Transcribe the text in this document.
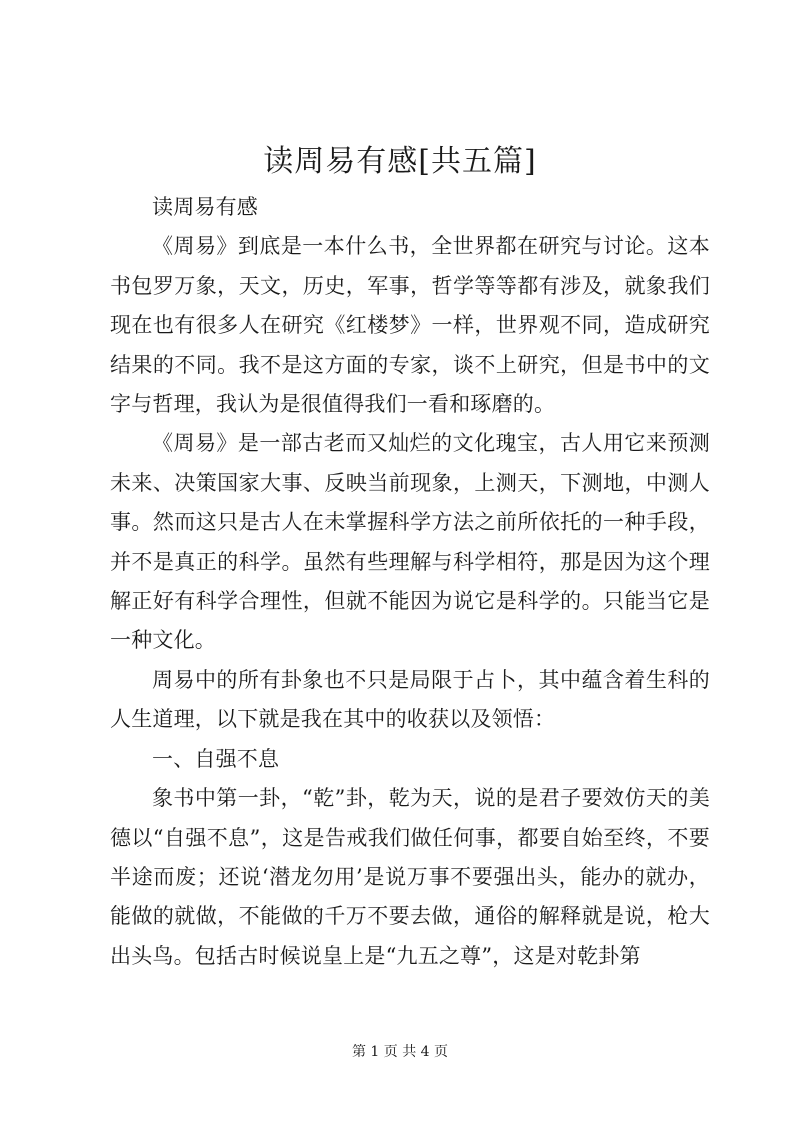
读周易有感[共五篇]

读周易有感

《周易》到底是一本什么书，全世界都在研究与讨论。这本书包罗万象，天文，历史，军事，哲学等等都有涉及，就象我们现在也有很多人在研究《红楼梦》一样，世界观不同，造成研究结果的不同。我不是这方面的专家，谈不上研究，但是书中的文字与哲理，我认为是很值得我们一看和琢磨的。

《周易》是一部古老而又灿烂的文化瑰宝，古人用它来预测未来、决策国家大事、反映当前现象，上测天，下测地，中测人事。然而这只是古人在未掌握科学方法之前所依托的一种手段，并不是真正的科学。虽然有些理解与科学相符，那是因为这个理解正好有科学合理性，但就不能因为说它是科学的。只能当它是一种文化。

周易中的所有卦象也不只是局限于占卜，其中蕴含着生科的人生道理，以下就是我在其中的收获以及领悟：

一、自强不息

象书中第一卦，“乾”卦，乾为天，说的是君子要效仿天的美德以“自强不息”，这是告戒我们做任何事，都要自始至终，不要半途而废；还说‘潜龙勿用’是说万事不要强出头，能办的就办，能做的就做，不能做的千万不要去做，通俗的解释就是说，枪大出头鸟。包括古时候说皇上是“九五之尊”，这是对乾卦第

第 1 页 共 4 页
